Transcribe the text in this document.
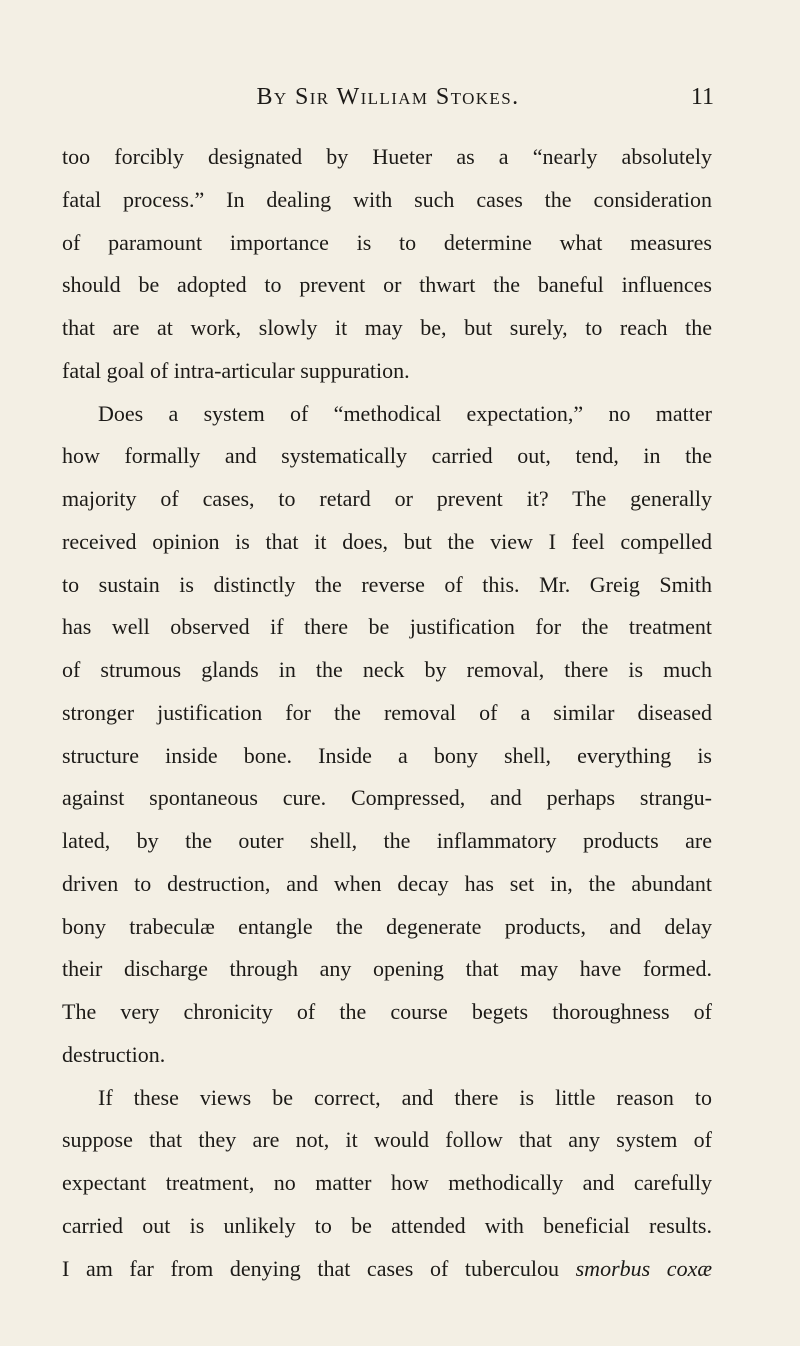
By Sir William Stokes.	11
too forcibly designated by Hueter as a “nearly absolutely
fatal process.” In dealing with such cases the consideration
of paramount importance is to determine what measures
should be adopted to prevent or thwart the baneful influences
that are at work, slowly it may be, but surely, to reach the
fatal goal of intra-articular suppuration.
Does a system of “methodical expectation,” no matter
how formally and systematically carried out, tend, in the
majority of cases, to retard or prevent it? The generally
received opinion is that it does, but the view I feel compelled
to sustain is distinctly the reverse of this. Mr. Greig Smith
has well observed if there be justification for the treatment
of strumous glands in the neck by removal, there is much
stronger justification for the removal of a similar diseased
structure inside bone. Inside a bony shell, everything is
against spontaneous cure. Compressed, and perhaps strangu-
lated, by the outer shell, the inflammatory products are
driven to destruction, and when decay has set in, the abundant
bony trabeculæ entangle the degenerate products, and delay
their discharge through any opening that may have formed.
The very chronicity of the course begets thoroughness of
destruction.
If these views be correct, and there is little reason to
suppose that they are not, it would follow that any system of
expectant treatment, no matter how methodically and carefully
carried out is unlikely to be attended with beneficial results.
I am far from denying that cases of tuberculou smorbus coxæ
